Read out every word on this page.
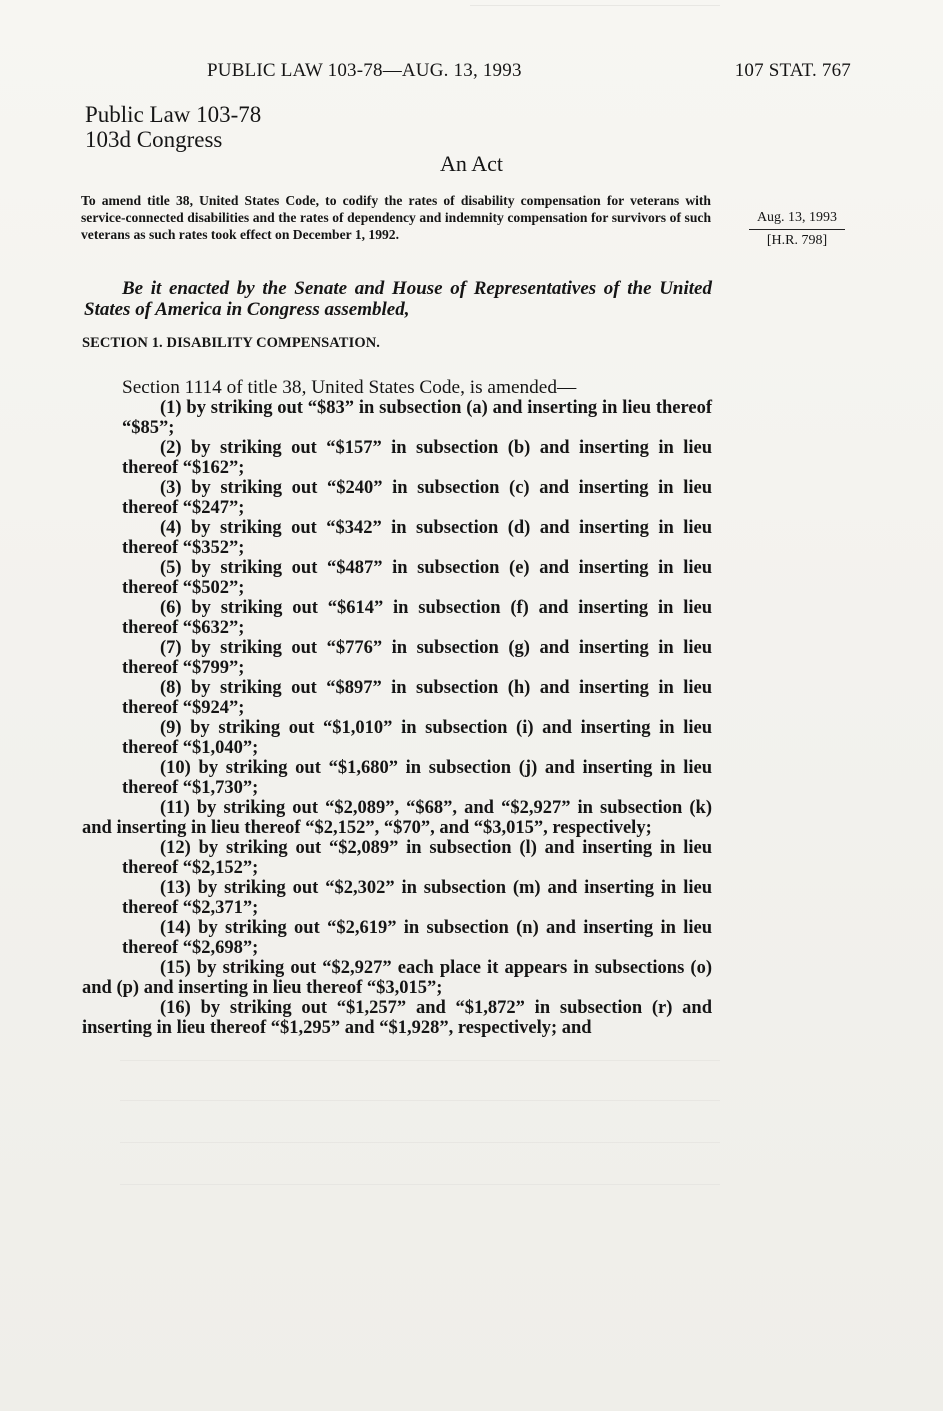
PUBLIC LAW 103-78—AUG. 13, 1993	107 STAT. 767
Public Law 103-78
103d Congress
An Act
To amend title 38, United States Code, to codify the rates of disability compensation for veterans with service-connected disabilities and the rates of dependency and indemnity compensation for survivors of such veterans as such rates took effect on December 1, 1992.
Aug. 13, 1993
[H.R. 798]
Be it enacted by the Senate and House of Representatives of the United States of America in Congress assembled,
SECTION 1. DISABILITY COMPENSATION.

Section 1114 of title 38, United States Code, is amended—

(1) by striking out “$83” in subsection (a) and inserting in lieu thereof “$85”;

(2) by striking out “$157” in subsection (b) and inserting in lieu thereof “$162”;

(3) by striking out “$240” in subsection (c) and inserting in lieu thereof “$247”;

(4) by striking out “$342” in subsection (d) and inserting in lieu thereof “$352”;

(5) by striking out “$487” in subsection (e) and inserting in lieu thereof “$502”;

(6) by striking out “$614” in subsection (f) and inserting in lieu thereof “$632”;

(7) by striking out “$776” in subsection (g) and inserting in lieu thereof “$799”;

(8) by striking out “$897” in subsection (h) and inserting in lieu thereof “$924”;

(9) by striking out “$1,010” in subsection (i) and inserting in lieu thereof “$1,040”;

(10) by striking out “$1,680” in subsection (j) and inserting in lieu thereof “$1,730”;

(11) by striking out “$2,089”, “$68”, and “$2,927” in subsection (k) and inserting in lieu thereof “$2,152”, “$70”, and “$3,015”, respectively;

(12) by striking out “$2,089” in subsection (l) and inserting in lieu thereof “$2,152”;

(13) by striking out “$2,302” in subsection (m) and inserting in lieu thereof “$2,371”;

(14) by striking out “$2,619” in subsection (n) and inserting in lieu thereof “$2,698”;

(15) by striking out “$2,927” each place it appears in subsections (o) and (p) and inserting in lieu thereof “$3,015”;

(16) by striking out “$1,257” and “$1,872” in subsection (r) and inserting in lieu thereof “$1,295” and “$1,928”, respectively; and
